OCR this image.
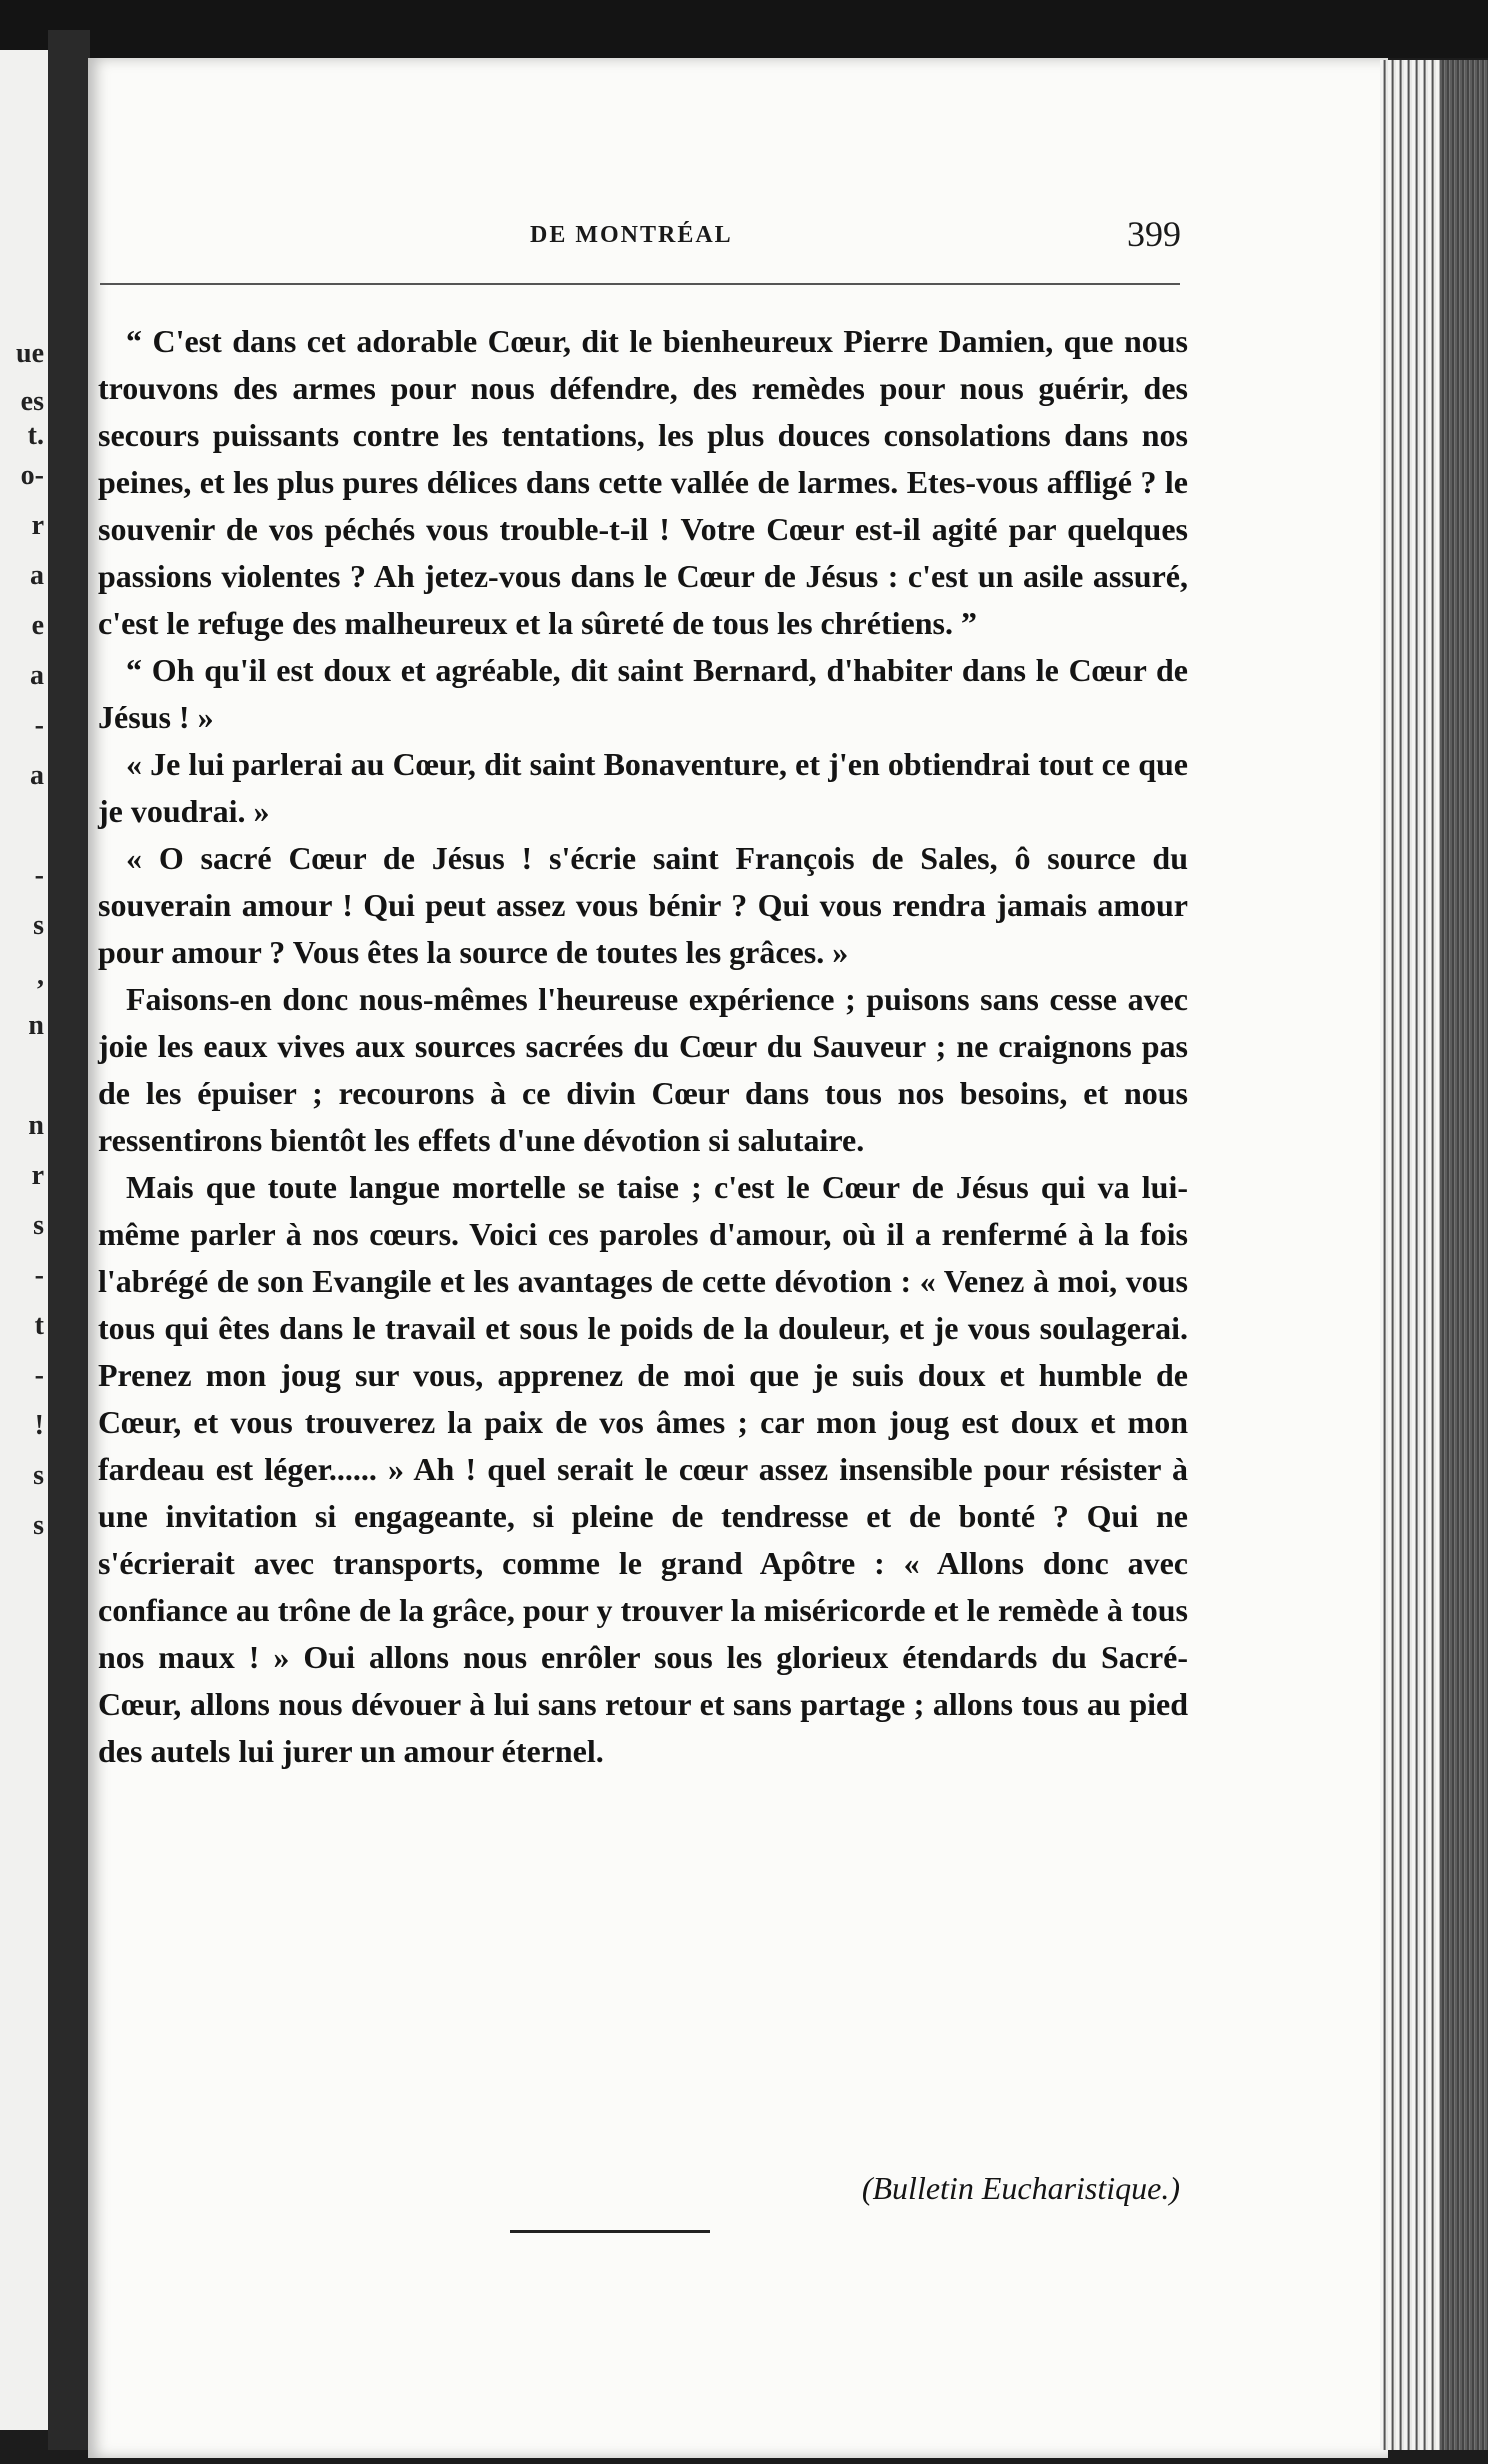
ue
es
t.
o-
r
a
e
a
-
a
-
s
,
n
n
r
s
-
t
-
!
s
s
DE MONTRÉAL	399

“ C'est dans cet adorable Cœur, dit le bienheureux Pierre Damien, que nous trouvons des armes pour nous défendre, des remèdes pour nous guérir, des secours puissants contre les tentations, les plus douces consolations dans nos peines, et les plus pures délices dans cette vallée de larmes. Etes-vous affligé ? le souvenir de vos péchés vous trouble-t-il ! Votre Cœur est-il agité par quelques passions violentes ? Ah jetez-vous dans le Cœur de Jésus : c'est un asile assuré, c'est le refuge des malheureux et la sûreté de tous les chrétiens. ”

“ Oh qu'il est doux et agréable, dit saint Bernard, d'habiter dans le Cœur de Jésus ! »

« Je lui parlerai au Cœur, dit saint Bonaventure, et j'en obtiendrai tout ce que je voudrai. »

« O sacré Cœur de Jésus ! s'écrie saint François de Sales, ô source du souverain amour ! Qui peut assez vous bénir ? Qui vous rendra jamais amour pour amour ? Vous êtes la source de toutes les grâces. »

Faisons-en donc nous-mêmes l'heureuse expérience ; puisons sans cesse avec joie les eaux vives aux sources sacrées du Cœur du Sauveur ; ne craignons pas de les épuiser ; recourons à ce divin Cœur dans tous nos besoins, et nous ressentirons bientôt les effets d'une dévotion si salutaire.

Mais que toute langue mortelle se taise ; c'est le Cœur de Jésus qui va lui-même parler à nos cœurs. Voici ces paroles d'amour, où il a renfermé à la fois l'abrégé de son Evangile et les avantages de cette dévotion : « Venez à moi, vous tous qui êtes dans le travail et sous le poids de la douleur, et je vous soulagerai. Prenez mon joug sur vous, apprenez de moi que je suis doux et humble de Cœur, et vous trouverez la paix de vos âmes ; car mon joug est doux et mon fardeau est léger...... » Ah ! quel serait le cœur assez insensible pour résister à une invitation si engageante, si pleine de tendresse et de bonté ? Qui ne s'écrierait avec transports, comme le grand Apôtre : « Allons donc avec confiance au trône de la grâce, pour y trouver la miséricorde et le remède à tous nos maux ! » Oui allons nous enrôler sous les glorieux étendards du Sacré-Cœur, allons nous dévouer à lui sans retour et sans partage ; allons tous au pied des autels lui jurer un amour éternel.

(Bulletin Eucharistique.)
